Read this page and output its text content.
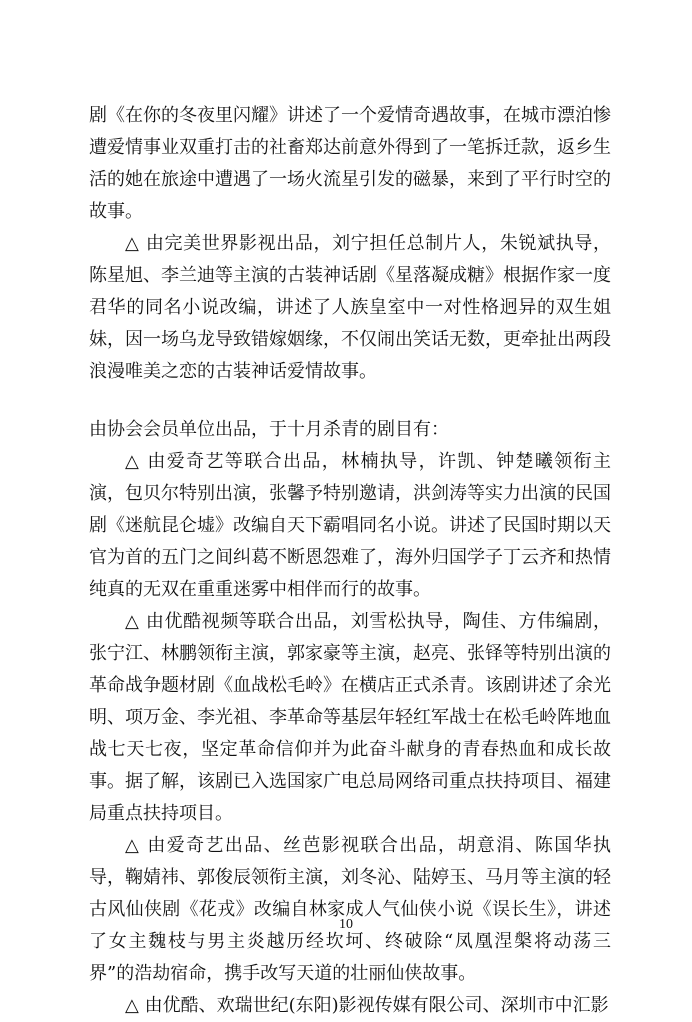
剧《在你的冬夜里闪耀》讲述了一个爱情奇遇故事，在城市漂泊惨遭爱情事业双重打击的社畜郑达前意外得到了一笔拆迁款，返乡生活的她在旅途中遭遇了一场火流星引发的磁暴，来到了平行时空的故事。

△ 由完美世界影视出品，刘宁担任总制片人，朱锐斌执导，陈星旭、李兰迪等主演的古装神话剧《星落凝成糖》根据作家一度君华的同名小说改编，讲述了人族皇室中一对性格迥异的双生姐妹，因一场乌龙导致错嫁姻缘，不仅闹出笑话无数，更牵扯出两段浪漫唯美之恋的古装神话爱情故事。

由协会会员单位出品，于十月杀青的剧目有：

△ 由爱奇艺等联合出品，林楠执导，许凯、钟楚曦领衔主演，包贝尔特别出演，张馨予特别邀请，洪剑涛等实力出演的民国剧《迷航昆仑墟》改编自天下霸唱同名小说。讲述了民国时期以天官为首的五门之间纠葛不断恩怨难了，海外归国学子丁云齐和热情纯真的无双在重重迷雾中相伴而行的故事。

△ 由优酷视频等联合出品，刘雪松执导，陶佳、方伟编剧，张宁江、林鹏领衔主演，郭家豪等主演，赵亮、张铎等特别出演的革命战争题材剧《血战松毛岭》在横店正式杀青。该剧讲述了余光明、项万金、李光祖、李革命等基层年轻红军战士在松毛岭阵地血战七天七夜，坚定革命信仰并为此奋斗献身的青春热血和成长故事。据了解，该剧已入选国家广电总局网络司重点扶持项目、福建局重点扶持项目。

△ 由爱奇艺出品、丝芭影视联合出品，胡意涓、陈国华执导，鞠婧祎、郭俊辰领衔主演，刘冬沁、陆婷玉、马月等主演的轻古风仙侠剧《花戎》改编自林家成人气仙侠小说《误长生》，讲述了女主魏枝与男主炎越历经坎坷、终破除“凤凰涅槃将动荡三界”的浩劫宿命，携手改写天道的壮丽仙侠故事。

△ 由优酷、欢瑞世纪(东阳)影视传媒有限公司、深圳市中汇影

10
